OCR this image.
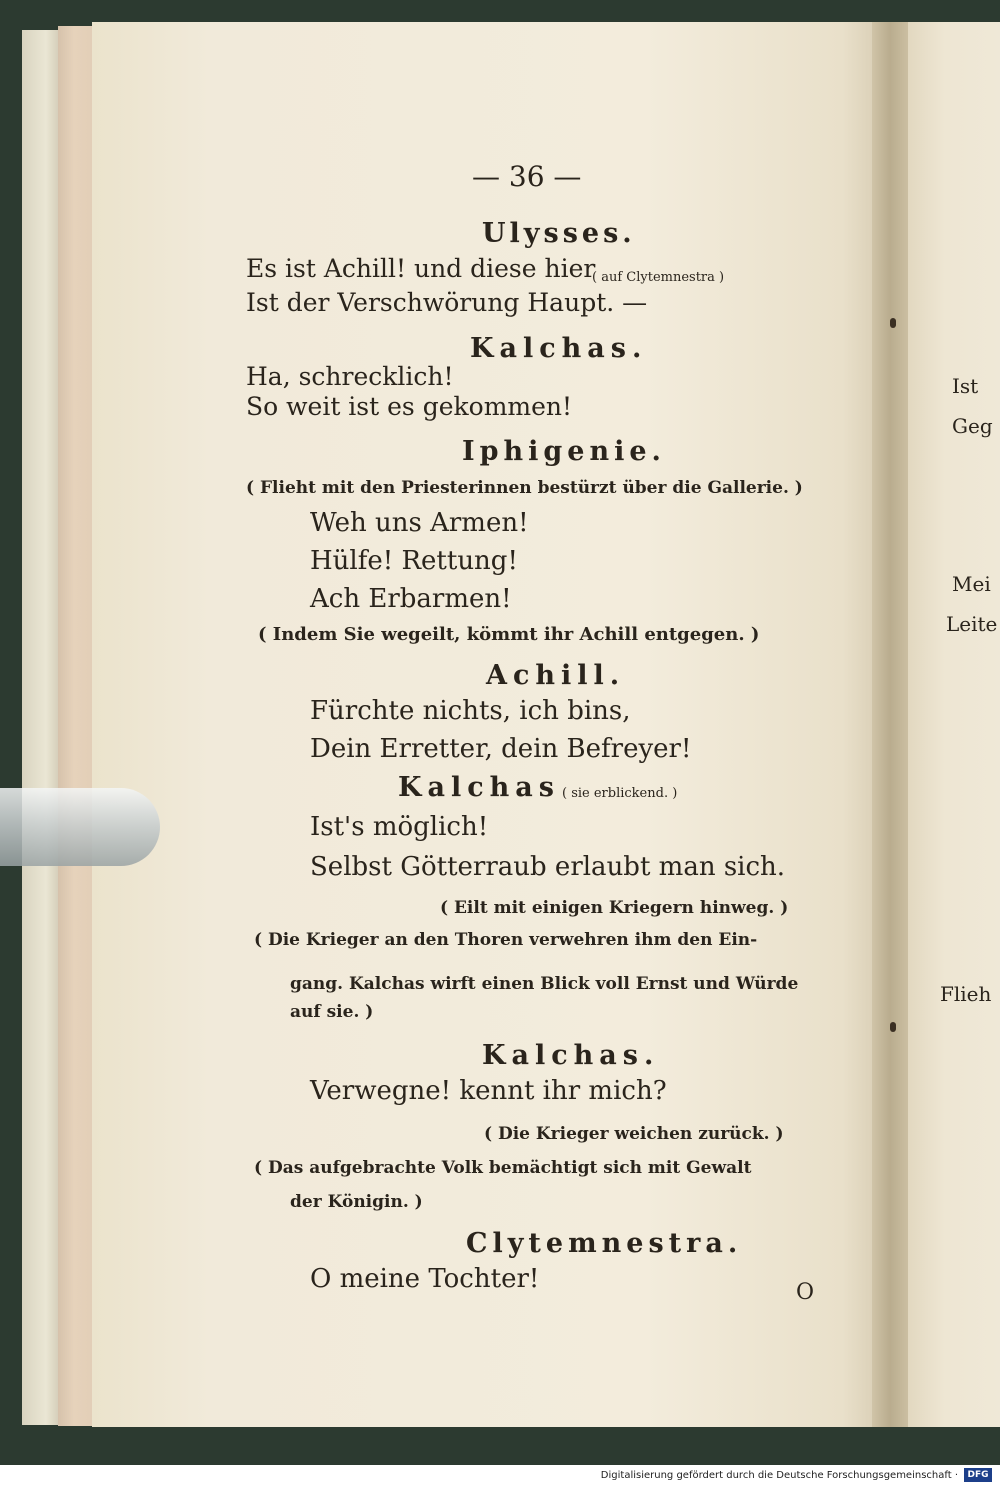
— 36 —
Ulysses.
Es ist Achill! und diese hier
( auf Clytemnestra )
Ist der Verschwörung Haupt. —
Kalchas.
Ha, schrecklich!
So weit ist es gekommen!
Iphigenie.
( Flieht mit den Priesterinnen bestürzt über die Gallerie. )
Weh uns Armen!
Hülfe! Rettung!
Ach Erbarmen!
( Indem Sie wegeilt, kömmt ihr Achill entgegen. )
Achill.
Fürchte nichts, ich bins,
Dein Erretter, dein Befreyer!
Kalchas ( sie erblickend. )
Ist's möglich!
Selbst Götterraub erlaubt man sich.
( Eilt mit einigen Kriegern hinweg. )
( Die Krieger an den Thoren verwehren ihm den Ein-
gang. Kalchas wirft einen Blick voll Ernst und Würde
auf sie. )
Kalchas.
Verwegne! kennt ihr mich?
( Die Krieger weichen zurück. )
( Das aufgebrachte Volk bemächtigt sich mit Gewalt
der Königin. )
Clytemnestra.
O meine Tochter!	O
Ist
Geg
Mei
Leite
Flieh
Digitalisierung gefördert durch die Deutsche Forschungsgemeinschaft ·	DFG
